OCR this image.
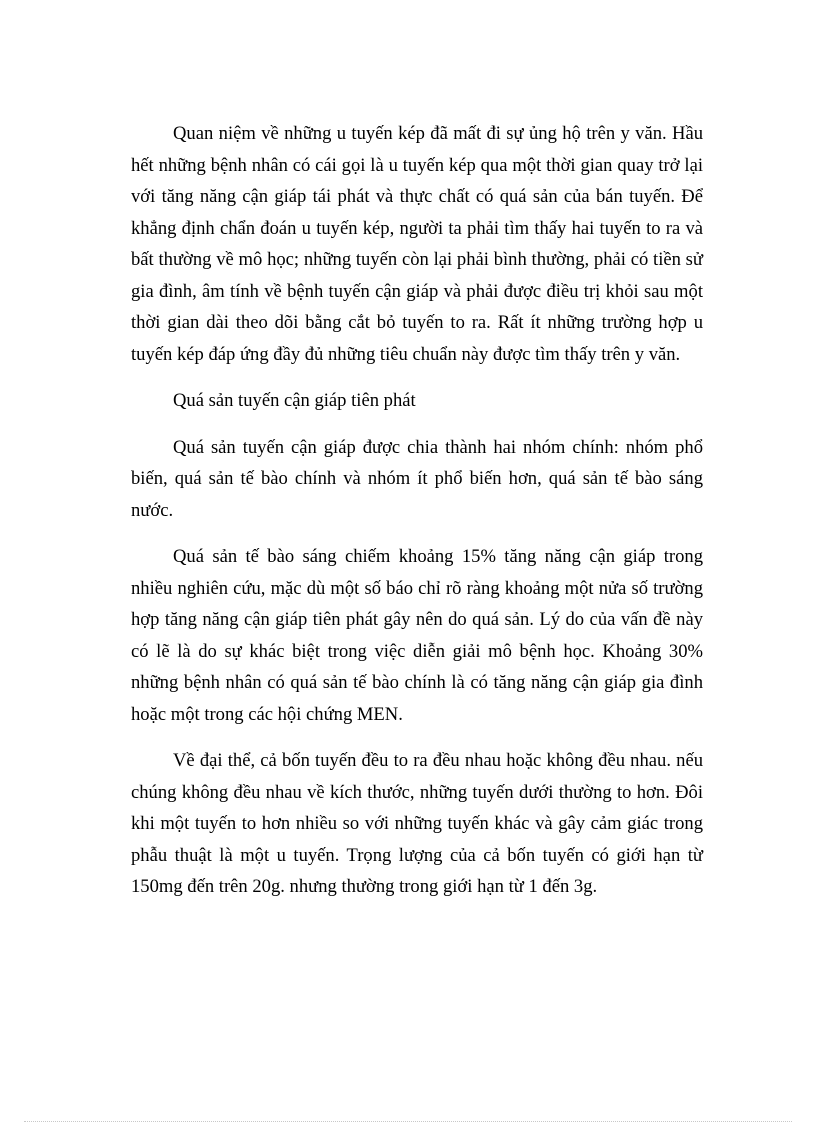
Quan niệm về những u tuyến kép đã mất đi sự ủng hộ trên y văn. Hầu hết những bệnh nhân có cái gọi là u tuyến kép qua một thời gian quay trở lại với tăng năng cận giáp tái phát và thực chất có quá sản của bán tuyến. Để khẳng định chẩn đoán u tuyến kép, người ta phải tìm thấy hai tuyến to ra và bất thường về mô học; những tuyến còn lại phải bình thường, phải có tiền sử gia đình, âm tính về bệnh tuyến cận giáp và phải được điều trị khỏi sau một thời gian dài theo dõi bằng cắt bỏ tuyến to ra. Rất ít những trường hợp u tuyến kép đáp ứng đầy đủ những tiêu chuẩn này được tìm thấy trên y văn.

Quá sản tuyến cận giáp tiên phát

Quá sản tuyến cận giáp được chia thành hai nhóm chính: nhóm phổ biến, quá sản tế bào chính và nhóm ít phổ biến hơn, quá sản tế bào sáng nước.

Quá sản tế bào sáng chiếm khoảng 15% tăng năng cận giáp trong nhiều nghiên cứu, mặc dù một số báo chỉ rõ ràng khoảng một nửa số trường hợp tăng năng cận giáp tiên phát gây nên do quá sản. Lý do của vấn đề này có lẽ là do sự khác biệt trong việc diễn giải mô bệnh học. Khoảng 30% những bệnh nhân có quá sản tế bào chính là có tăng năng cận giáp gia đình hoặc một trong các hội chứng MEN.

Về đại thể, cả bốn tuyến đều to ra đều nhau hoặc không đều nhau. nếu chúng không đều nhau về kích thước, những tuyến dưới thường to hơn. Đôi khi một tuyến to hơn nhiều so với những tuyến khác và gây cảm giác trong phẫu thuật là một u tuyến. Trọng lượng của cả bốn tuyến có giới hạn từ 150mg đến trên 20g. nhưng thường trong giới hạn từ 1 đến 3g.
